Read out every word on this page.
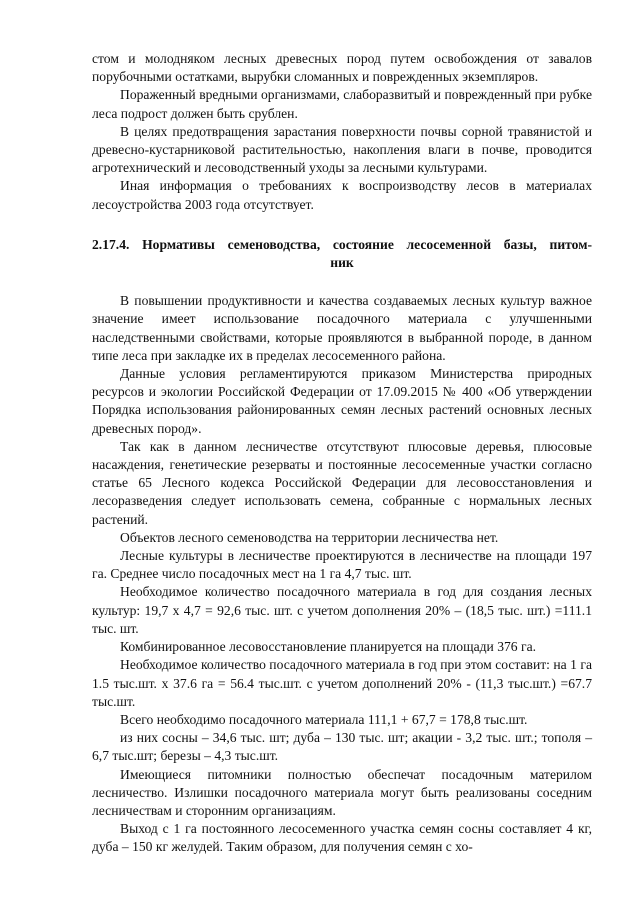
стом и молодняком лесных древесных пород путем освобождения от завалов порубочными остатками, вырубки сломанных и поврежденных экземпляров.

Пораженный вредными организмами, слаборазвитый и поврежденный при рубке леса подрост должен быть срублен.

В целях предотвращения зарастания поверхности почвы сорной травянистой и древесно-кустарниковой растительностью, накопления влаги в почве, проводится агротехнический и лесоводственный уходы за лесными культурами.

Иная информация о требованиях к воспроизводству лесов в материалах лесоустройства 2003 года отсутствует.

2.17.4. Нормативы семеноводства, состояние лесосеменной базы, питом-
ник

В повышении продуктивности и качества создаваемых лесных культур важное значение имеет использование посадочного материала с улучшенными наследственными свойствами, которые проявляются в выбранной породе, в данном типе леса при закладке их в пределах лесосеменного района.

Данные условия регламентируются приказом Министерства природных ресурсов и экологии Российской Федерации от 17.09.2015 № 400 «Об утверждении Порядка использования районированных семян лесных растений основных лесных древесных пород».

Так как в данном лесничестве отсутствуют плюсовые деревья, плюсовые насаждения, генетические резерваты и постоянные лесосеменные участки согласно статье 65 Лесного кодекса Российской Федерации для лесовосстановления и лесоразведения следует использовать семена, собранные с нормальных лесных растений.

Объектов лесного семеноводства на территории лесничества нет.

Лесные культуры в лесничестве проектируются в лесничестве на площади 197 га. Среднее число посадочных мест на 1 га 4,7 тыс. шт.

Необходимое количество посадочного материала в год для создания лесных культур: 19,7 х 4,7 = 92,6 тыс. шт. с учетом дополнения 20% – (18,5 тыс. шт.) =111.1 тыс. шт.

Комбинированное лесовосстановление планируется на площади 376 га.

Необходимое количество посадочного материала в год при этом составит: на 1 га 1.5 тыс.шт. х 37.6 га = 56.4 тыс.шт. с учетом дополнений 20% - (11,3 тыс.шт.) =67.7 тыс.шт.

Всего необходимо посадочного материала 111,1 + 67,7 = 178,8 тыс.шт.

из них сосны – 34,6 тыс. шт; дуба – 130 тыс. шт; акации - 3,2 тыс. шт.; тополя – 6,7 тыс.шт; березы – 4,3 тыс.шт.

Имеющиеся питомники полностью обеспечат посадочным материлом лесничество. Излишки посадочного материала могут быть реализованы соседним лесничествам и сторонним организациям.

Выход с 1 га постоянного лесосеменного участка семян сосны составляет 4 кг, дуба – 150 кг желудей. Таким образом, для получения семян с хо-
